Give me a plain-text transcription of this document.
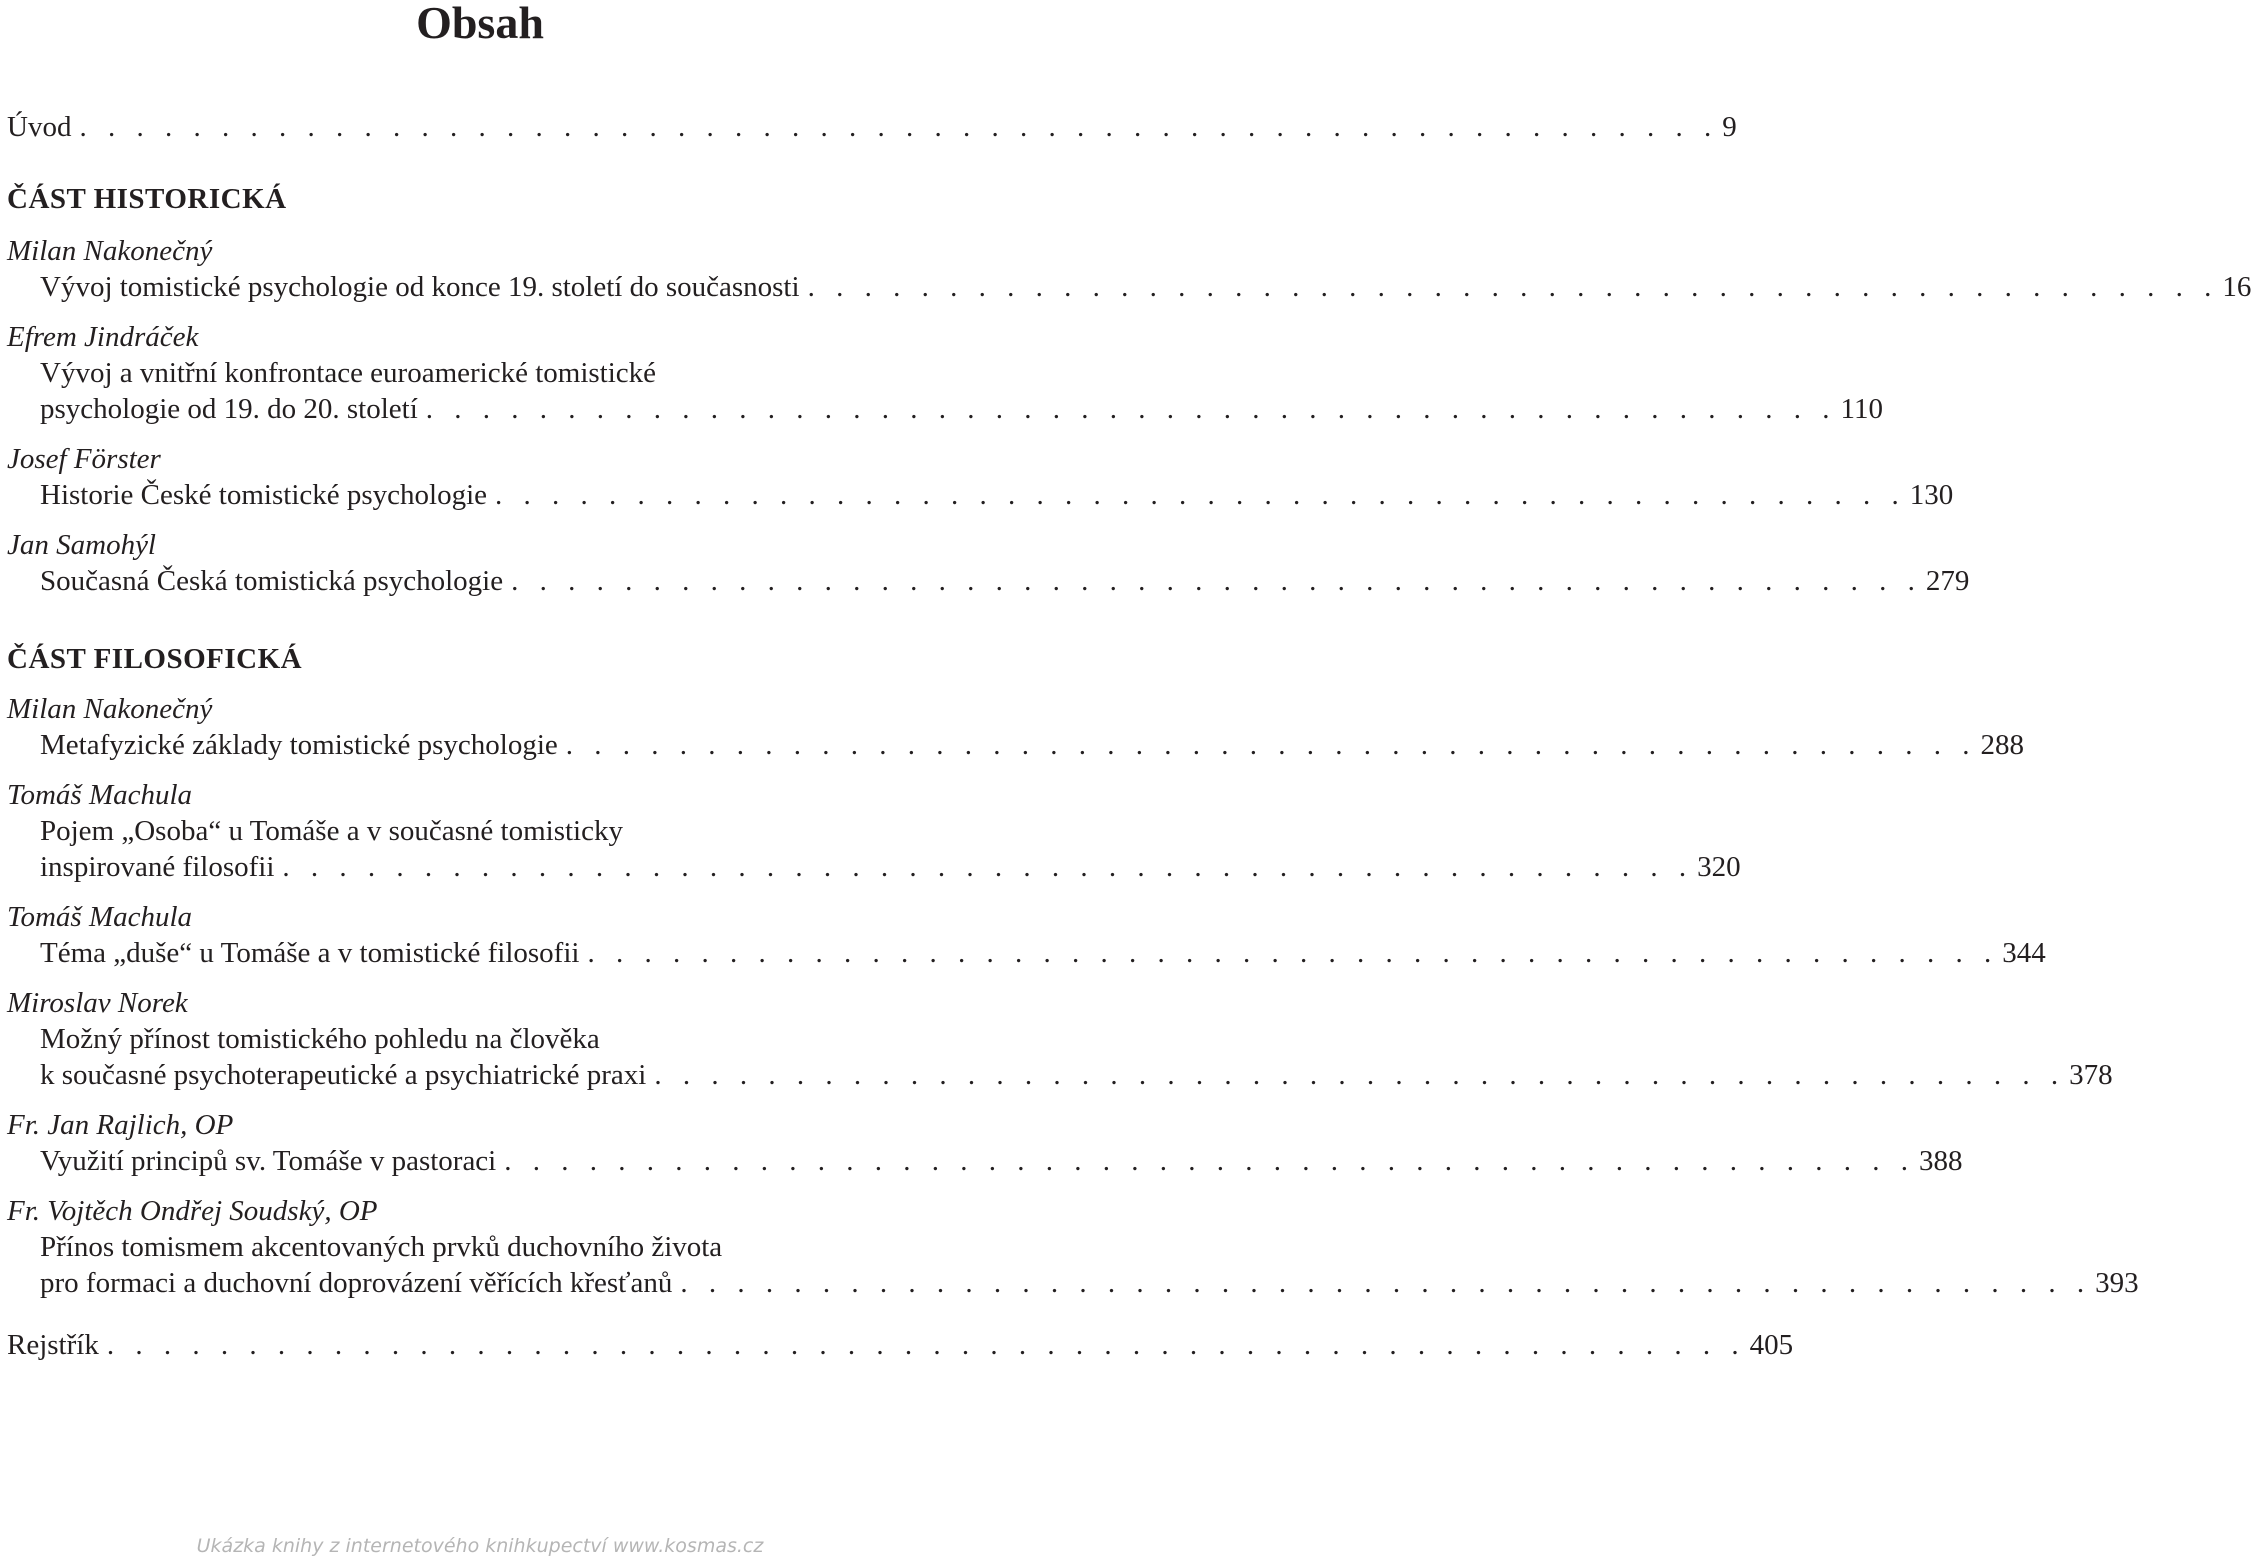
Obsah
Úvod . . . . . . . . . . . . . . . . . . . . . . . . . . . . . . . . . . . . . . . . . . . . . . . . . . . . . . . . . . 9
ČÁST HISTORICKÁ
Milan Nakonečný
Vývoj tomistické psychologie od konce 19. století do současnosti . . . . . . . . . . . . . . . . . . . . . . . . . . . . . . . . . . . . . . . . . . . . . . . . . . 16
Efrem Jindráček
Vývoj a vnitřní konfrontace euroamerické tomistické
psychologie od 19. do 20. století . . . . . . . . . . . . . . . . . . . . . . . . . . . . . . . . . . . . . . . . . . . . . . . . . . 110
Josef Förster
Historie České tomistické psychologie . . . . . . . . . . . . . . . . . . . . . . . . . . . . . . . . . . . . . . . . . . . . . . . . . . 130
Jan Samohýl
Současná Česká tomistická psychologie . . . . . . . . . . . . . . . . . . . . . . . . . . . . . . . . . . . . . . . . . . . . . . . . . . 279
ČÁST FILOSOFICKÁ
Milan Nakonečný
Metafyzické základy tomistické psychologie . . . . . . . . . . . . . . . . . . . . . . . . . . . . . . . . . . . . . . . . . . . . . . . . . . 288
Tomáš Machula
Pojem „Osoba“ u Tomáše a v současné tomisticky
inspirované filosofii . . . . . . . . . . . . . . . . . . . . . . . . . . . . . . . . . . . . . . . . . . . . . . . . . . 320
Tomáš Machula
Téma „duše“ u Tomáše a v tomistické filosofii . . . . . . . . . . . . . . . . . . . . . . . . . . . . . . . . . . . . . . . . . . . . . . . . . . 344
Miroslav Norek
Možný přínost tomistického pohledu na člověka
k současné psychoterapeutické a psychiatrické praxi . . . . . . . . . . . . . . . . . . . . . . . . . . . . . . . . . . . . . . . . . . . . . . . . . . 378
Fr. Jan Rajlich, OP
Využití principů sv. Tomáše v pastoraci . . . . . . . . . . . . . . . . . . . . . . . . . . . . . . . . . . . . . . . . . . . . . . . . . . 388
Fr. Vojtěch Ondřej Soudský, OP
Přínos tomismem akcentovaných prvků duchovního života
pro formaci a duchovní doprovázení věřících křesťanů . . . . . . . . . . . . . . . . . . . . . . . . . . . . . . . . . . . . . . . . . . . . . . . . . . 393
Rejstřík . . . . . . . . . . . . . . . . . . . . . . . . . . . . . . . . . . . . . . . . . . . . . . . . . . . . . . . . . . 405
Ukázka knihy z internetového knihkupectví www.kosmas.cz
